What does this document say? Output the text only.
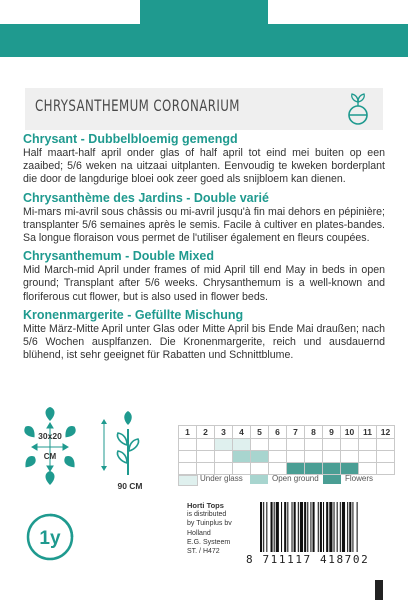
CHRYSANTHEMUM CORONARIUM
Chrysant - Dubbelbloemig gemengd

Half maart-half april onder glas of half april tot eind mei buiten op een zaaibed; 5/6 weken na uitzaai uitplanten. Eenvoudig te kweken borderplant die door de langdurige bloei ook zeer goed als snijbloem kan dienen.

Chrysanthème des Jardins - Double varié

Mi-mars mi-avril sous châssis ou mi-avril jusqu'à fin mai dehors en pépinière; transplanter 5/6 semaines après le semis. Facile à cultiver en plates-bandes. Sa longue floraison vous permet de l'utiliser également en fleurs coupées.

Chrysanthemum - Double Mixed

Mid March-mid April under frames of mid April till end May in beds in open ground; Transplant after 5/6 weeks. Chrysanthemum is a well-known and floriferous cut flower, but is also used in flower beds.

Kronenmargerite - Gefüllte Mischung

Mitte März-Mitte April unter Glas oder Mitte April bis Ende Mai draußen; nach 5/6 Wochen ausplfanzen. Die Kronenmargerite, reich und ausdauernd blühend, ist sehr geeignet für Rabatten und Schnittblume.

30x20
CM
90 CM
1y
1	2	3	4	5	6	7	8	9	10	11	12

Under glass	Open ground	Flowers
Horti Tops
is distributed
by Tuinplus bv
Holland
E.G. Systeem
ST. / H472
8 711117 418702
